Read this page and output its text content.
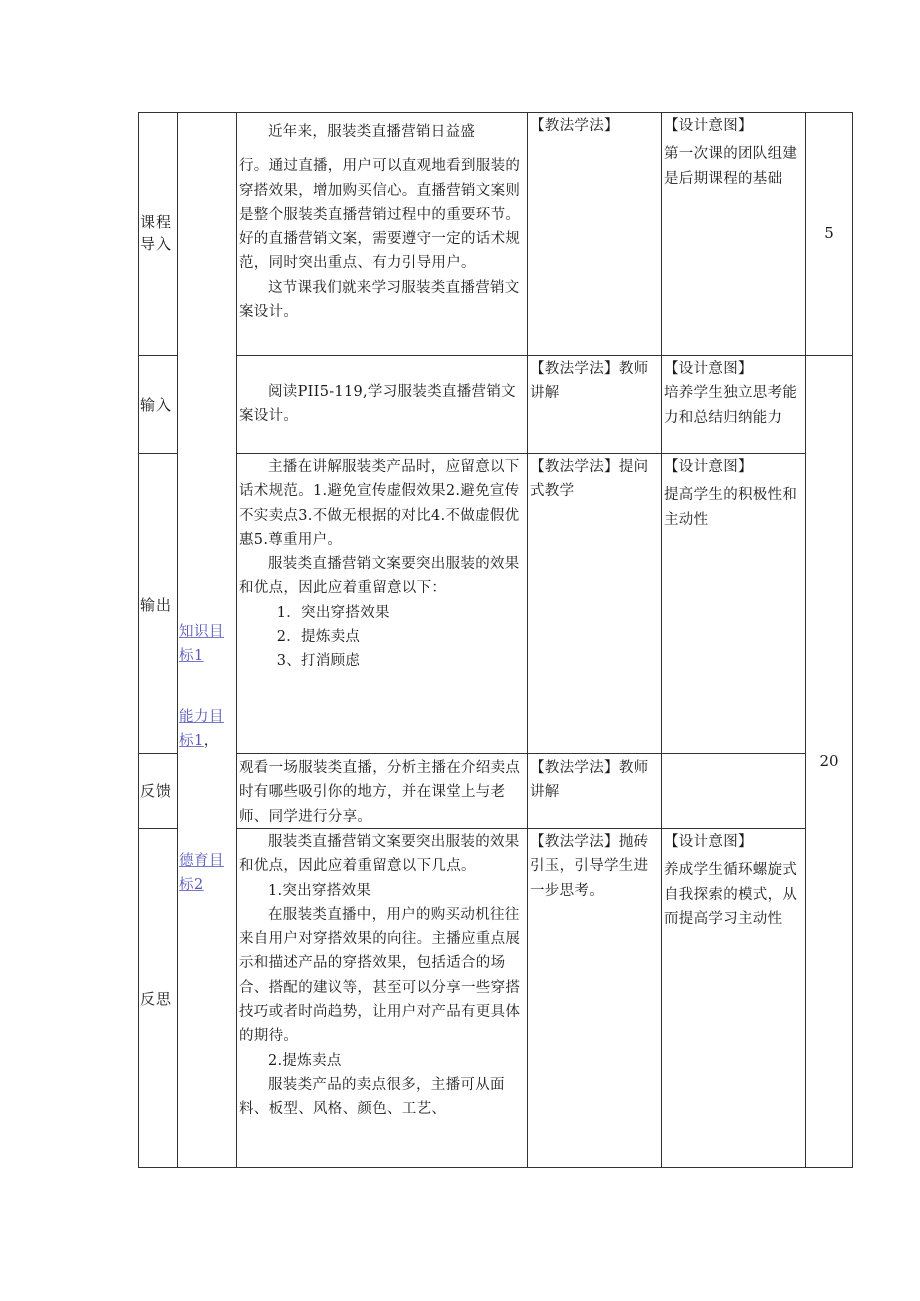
课程导入
输入
输出
反馈
反思
知识目标1
能力目标1，
德育目标2

近年来，服装类直播营销日益盛

行。通过直播，用户可以直观地看到服装的穿搭效果，增加购买信心。直播营销文案则是整个服装类直播营销过程中的重要环节。好的直播营销文案，需要遵守一定的话术规范，同时突出重点、有力引导用户。

这节课我们就来学习服装类直播营销文案设计。

【教法学法】	【设计意图】

第一次课的团队组建是后期课程的基础

5

阅读PII5-119,学习服装类直播营销文案设计。

【教法学法】教师讲解

【设计意图】

培养学生独立思考能力和总结归纳能力

主播在讲解服装类产品时，应留意以下话术规范。1.避免宣传虚假效果2.避免宣传不实卖点3.不做无根据的对比4.不做虚假优惠5.尊重用户。

服装类直播营销文案要突出服装的效果和优点，因此应着重留意以下：

1．突出穿搭效果

2．提炼卖点

3、打消顾虑

【教法学法】提问式教学

【设计意图】

提高学生的积极性和主动性

观看一场服装类直播，分析主播在介绍卖点时有哪些吸引你的地方，并在课堂上与老师、同学进行分享。

【教法学法】教师讲解

20

服装类直播营销文案要突出服装的效果和优点，因此应着重留意以下几点。

1.突出穿搭效果

在服装类直播中，用户的购买动机往往来自用户对穿搭效果的向往。主播应重点展示和描述产品的穿搭效果，包括适合的场合、搭配的建议等，甚至可以分享一些穿搭技巧或者时尚趋势，让用户对产品有更具体的期待。

2.提炼卖点

服装类产品的卖点很多，主播可从面料、板型、风格、颜色、工艺、

【教法学法】抛砖引玉，引导学生进一步思考。

【设计意图】

养成学生循环螺旋式自我探索的模式，从而提高学习主动性
